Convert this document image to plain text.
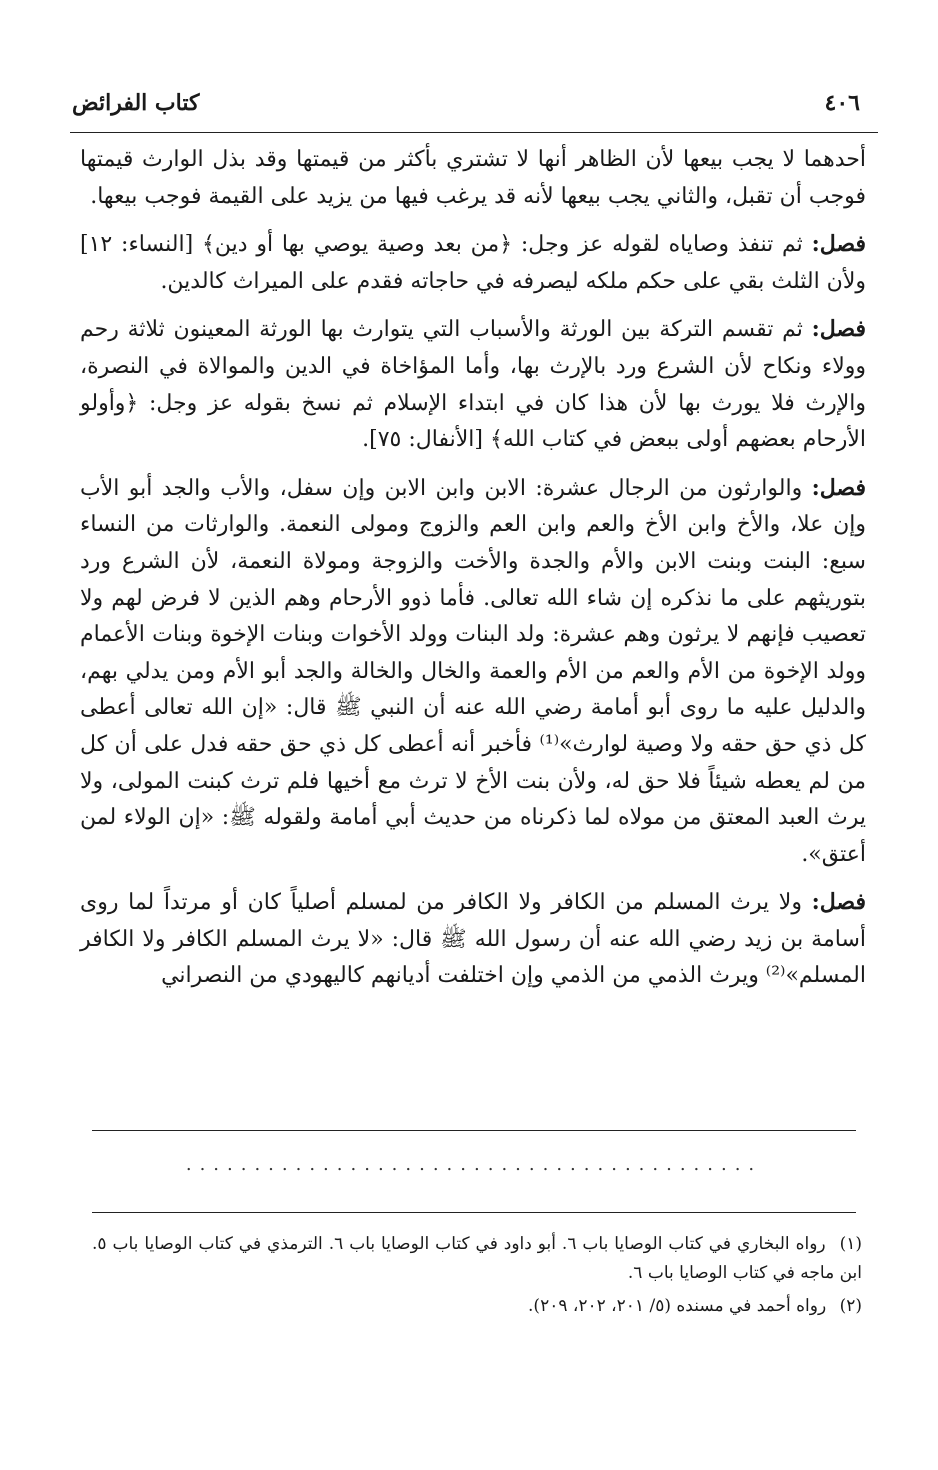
٤٠٦
كتاب الفرائض

أحدهما لا يجب بيعها لأن الظاهر أنها لا تشتري بأكثر من قيمتها وقد بذل الوارث قيمتها فوجب أن تقبل، والثاني يجب بيعها لأنه قد يرغب فيها من يزيد على القيمة فوجب بيعها.

فصل: ثم تنفذ وصاياه لقوله عز وجل: ﴿من بعد وصية يوصي بها أو دين﴾ [النساء: ١٢] ولأن الثلث بقي على حكم ملكه ليصرفه في حاجاته فقدم على الميراث كالدين.

فصل: ثم تقسم التركة بين الورثة والأسباب التي يتوارث بها الورثة المعينون ثلاثة رحم وولاء ونكاح لأن الشرع ورد بالإرث بها، وأما المؤاخاة في الدين والموالاة في النصرة، والإرث فلا يورث بها لأن هذا كان في ابتداء الإسلام ثم نسخ بقوله عز وجل: ﴿وأولو الأرحام بعضهم أولى ببعض في كتاب الله﴾ [الأنفال: ٧٥].

فصل: والوارثون من الرجال عشرة: الابن وابن الابن وإن سفل، والأب والجد أبو الأب وإن علا، والأخ وابن الأخ والعم وابن العم والزوج ومولى النعمة. والوارثات من النساء سبع: البنت وبنت الابن والأم والجدة والأخت والزوجة ومولاة النعمة، لأن الشرع ورد بتوريثهم على ما نذكره إن شاء الله تعالى. فأما ذوو الأرحام وهم الذين لا فرض لهم ولا تعصيب فإنهم لا يرثون وهم عشرة: ولد البنات وولد الأخوات وبنات الإخوة وبنات الأعمام وولد الإخوة من الأم والعم من الأم والعمة والخال والخالة والجد أبو الأم ومن يدلي بهم، والدليل عليه ما روى أبو أمامة رضي الله عنه أن النبي ﷺ قال: «إن الله تعالى أعطى كل ذي حق حقه ولا وصية لوارث»⁽¹⁾ فأخبر أنه أعطى كل ذي حق حقه فدل على أن كل من لم يعطه شيئاً فلا حق له، ولأن بنت الأخ لا ترث مع أخيها فلم ترث كبنت المولى، ولا يرث العبد المعتق من مولاه لما ذكرناه من حديث أبي أمامة ولقوله ﷺ: «إن الولاء لمن أعتق».

فصل: ولا يرث المسلم من الكافر ولا الكافر من لمسلم أصلياً كان أو مرتداً لما روى أسامة بن زيد رضي الله عنه أن رسول الله ﷺ قال: «لا يرث المسلم الكافر ولا الكافر المسلم»⁽²⁾ ويرث الذمي من الذمي وإن اختلفت أديانهم كاليهودي من النصراني

..........................................

(١) رواه البخاري في كتاب الوصايا باب ٦. أبو داود في كتاب الوصايا باب ٦. الترمذي في كتاب الوصايا باب ٥. ابن ماجه في كتاب الوصايا باب ٦.

(٢) رواه أحمد في مسنده (٥/ ٢٠١، ٢٠٢، ٢٠٩).
